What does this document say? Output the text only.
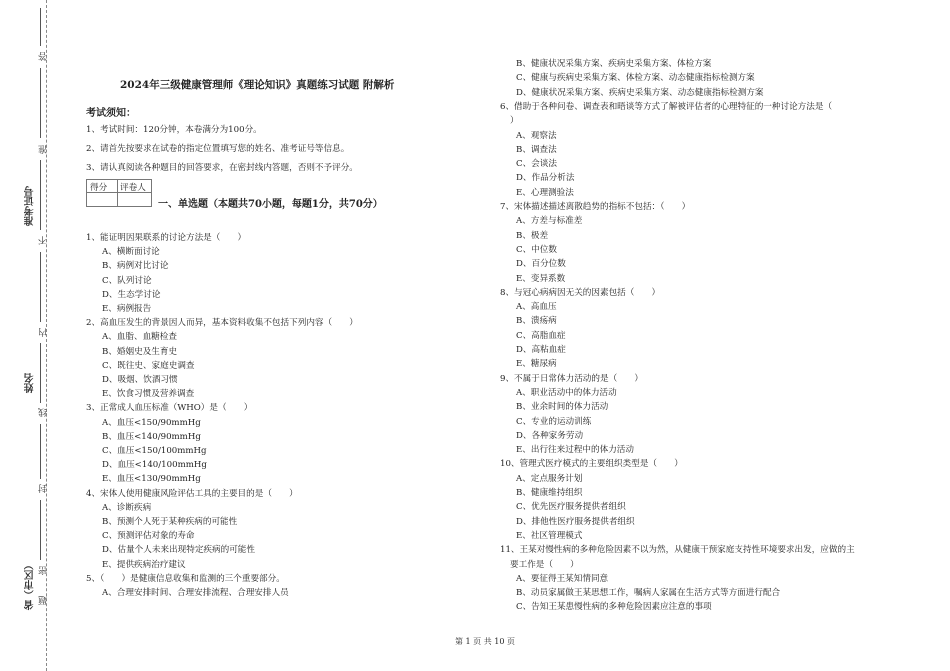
答
准
不
内
线
封
密
题
准考证号
姓名
省（市区）
2024年三级健康管理师《理论知识》真题练习试题 附解析
考试须知：
1、考试时间：120分钟，本卷满分为100分。
2、请首先按要求在试卷的指定位置填写您的姓名、准考证号等信息。
3、请认真阅读各种题目的回答要求，在密封线内答题，否则不予评分。
得分 评卷人
一、单选题（本题共70小题，每题1分，共70分）
1、能证明因果联系的讨论方法是（　　）
A、横断面讨论
B、病例对比讨论
C、队列讨论
D、生态学讨论
E、病例报告
2、高血压发生的背景因人而异，基本资料收集不包括下列内容（　　）
A、血脂、血糖检查
B、婚姻史及生育史
C、既往史、家庭史调查
D、吸烟、饮酒习惯
E、饮食习惯及营养调查
3、正常成人血压标准（WHO）是（　　）
A、血压<150/90mmHg
B、血压<140/90mmHg
C、血压<150/100mmHg
D、血压<140/100mmHg
E、血压<130/90mmHg
4、宋体人使用健康风险评估工具的主要目的是（　　）
A、诊断疾病
B、预测个人死于某种疾病的可能性
C、预测评估对象的寿命
D、估量个人未来出现特定疾病的可能性
E、提供疾病治疗建议
5、（　　）是健康信息收集和监测的三个重要部分。
A、合理安排时间、合理安排流程、合理安排人员
B、健康状况采集方案、疾病史采集方案、体检方案
C、健康与疾病史采集方案、体检方案、动态健康指标检测方案
D、健康状况采集方案、疾病史采集方案、动态健康指标检测方案
6、借助于各种问卷、调查表和晤谈等方式了解被评估者的心理特征的一种讨论方法是（
）
A、观察法
B、调查法
C、会谈法
D、作品分析法
E、心理测验法
7、宋体描述描述离散趋势的指标不包括：（　　）
A、方差与标准差
B、极差
C、中位数
D、百分位数
E、变异系数
8、与冠心病病因无关的因素包括（　　）
A、高血压
B、溃疡病
C、高脂血症
D、高粘血症
E、糖尿病
9、不属于日常体力活动的是（　　）
A、职业活动中的体力活动
B、业余时间的体力活动
C、专业的运动训练
D、各种家务劳动
E、出行往来过程中的体力活动
10、管理式医疗模式的主要组织类型是（　　）
A、定点服务计划
B、健康维持组织
C、优先医疗服务提供者组织
D、排他性医疗服务提供者组织
E、社区管理模式
11、王某对慢性病的多种危险因素不以为然，从健康干预家庭支持性环境要求出发，应做的主
要工作是（　　）
A、要征得王某知情同意
B、动员家属做王某思想工作，嘱病人家属在生活方式等方面进行配合
C、告知王某患慢性病的多种危险因素应注意的事项
第 1 页 共 10 页
